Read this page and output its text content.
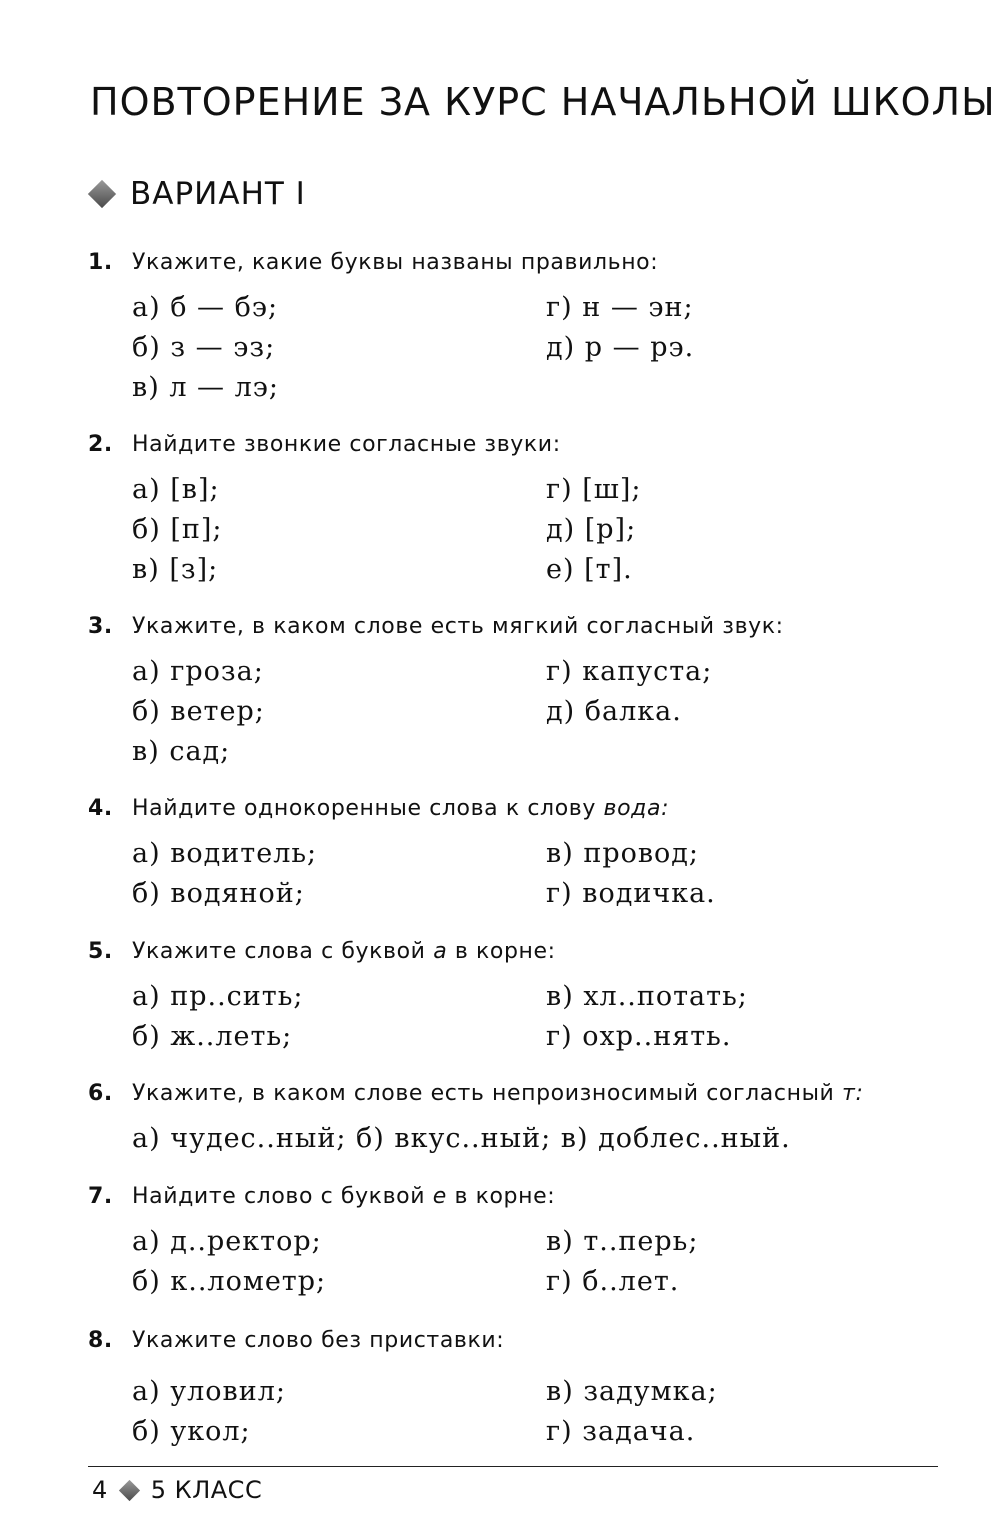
ПОВТОРЕНИЕ ЗА КУРС НАЧАЛЬНОЙ ШКОЛЫ
ВАРИАНТ I
1. Укажите, какие буквы названы правильно:
а) б — бэ;
б) з — эз;
в) л — лэ;
г) н — эн;
д) р — рэ.
2. Найдите звонкие согласные звуки:
а) [в];
б) [п];
в) [з];
г) [ш];
д) [р];
е) [т].
3. Укажите, в каком слове есть мягкий согласный звук:
а) гроза;
б) ветер;
в) сад;
г) капуста;
д) балка.
4. Найдите однокоренные слова к слову вода:
а) водитель;
б) водяной;
в) провод;
г) водичка.
5. Укажите слова с буквой а в корне:
а) пр..сить;
б) ж..леть;
в) хл..потать;
г) охр..нять.
6. Укажите, в каком слове есть непроизносимый согласный т:
а) чудес..ный; б) вкус..ный; в) доблес..ный.
7. Найдите слово с буквой е в корне:
а) д..ректор;
б) к..лометр;
в) т..перь;
г) б..лет.
8. Укажите слово без приставки:
а) уловил;
б) укол;
в) задумка;
г) задача.
4 5 КЛАСС
